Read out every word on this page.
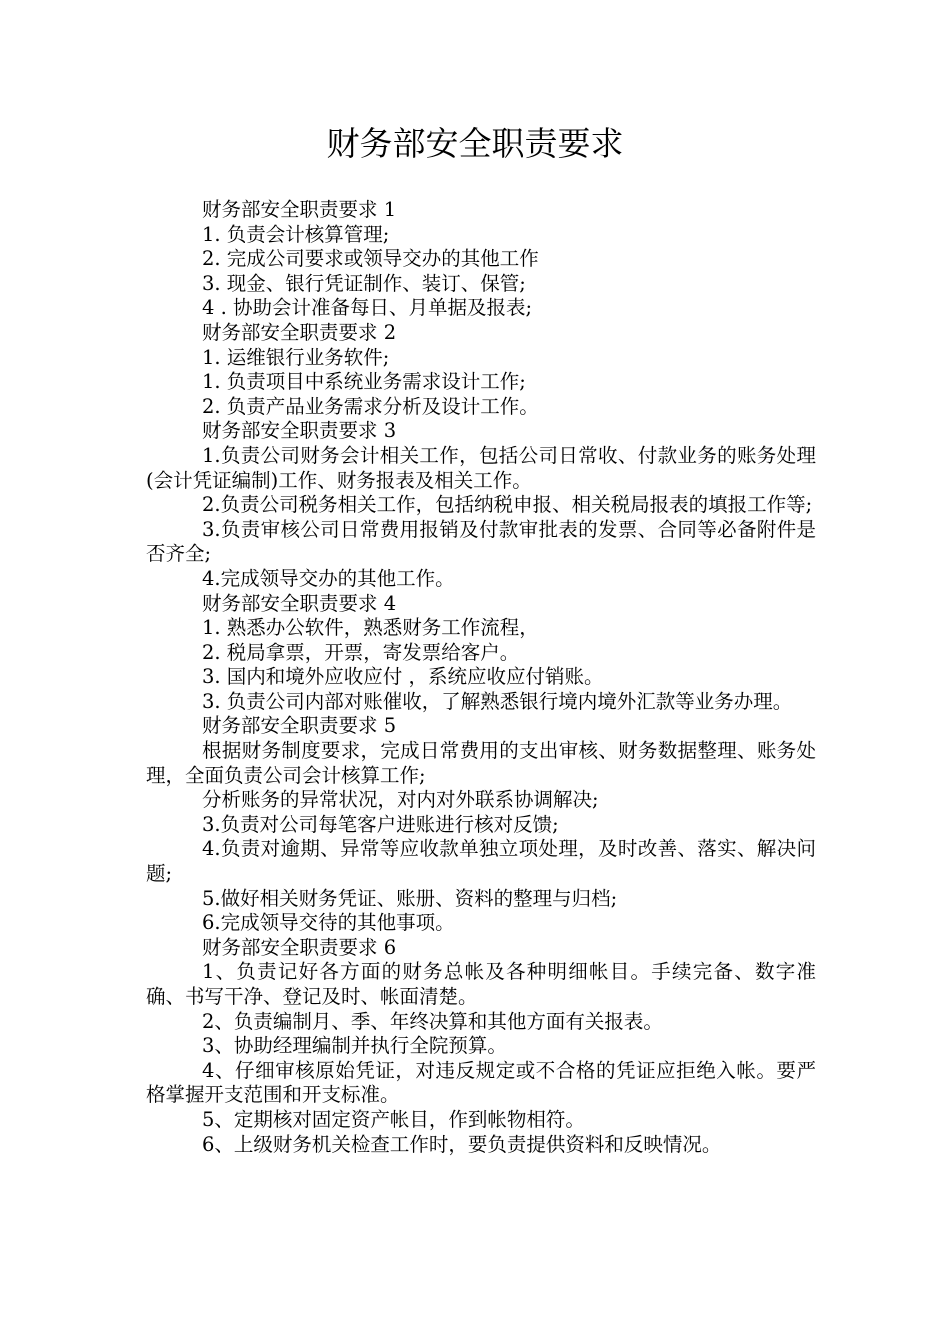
财务部安全职责要求

财务部安全职责要求 1

1. 负责会计核算管理;

2. 完成公司要求或领导交办的其他工作

3. 现金、银行凭证制作、装订、保管;

4 . 协助会计准备每日、月单据及报表;

财务部安全职责要求 2

1. 运维银行业务软件;

1. 负责项目中系统业务需求设计工作;

2. 负责产品业务需求分析及设计工作。

财务部安全职责要求 3

1.负责公司财务会计相关工作，包括公司日常收、付款业务的账务处理(会计凭证编制)工作、财务报表及相关工作。

2.负责公司税务相关工作，包括纳税申报、相关税局报表的填报工作等;

3.负责审核公司日常费用报销及付款审批表的发票、合同等必备附件是否齐全;

4.完成领导交办的其他工作。

财务部安全职责要求 4

1. 熟悉办公软件，熟悉财务工作流程，

2. 税局拿票，开票，寄发票给客户。

3. 国内和境外应收应付 ，系统应收应付销账。

3. 负责公司内部对账催收，了解熟悉银行境内境外汇款等业务办理。

财务部安全职责要求 5

根据财务制度要求，完成日常费用的支出审核、财务数据整理、账务处理，全面负责公司会计核算工作;

分析账务的异常状况，对内对外联系协调解决;

3.负责对公司每笔客户进账进行核对反馈;

4.负责对逾期、异常等应收款单独立项处理，及时改善、落实、解决问题;

5.做好相关财务凭证、账册、资料的整理与归档;

6.完成领导交待的其他事项。

财务部安全职责要求 6

1、负责记好各方面的财务总帐及各种明细帐目。手续完备、数字准确、书写干净、登记及时、帐面清楚。

2、负责编制月、季、年终决算和其他方面有关报表。

3、协助经理编制并执行全院预算。

4、仔细审核原始凭证，对违反规定或不合格的凭证应拒绝入帐。要严格掌握开支范围和开支标准。

5、定期核对固定资产帐目，作到帐物相符。

6、上级财务机关检查工作时，要负责提供资料和反映情况。
